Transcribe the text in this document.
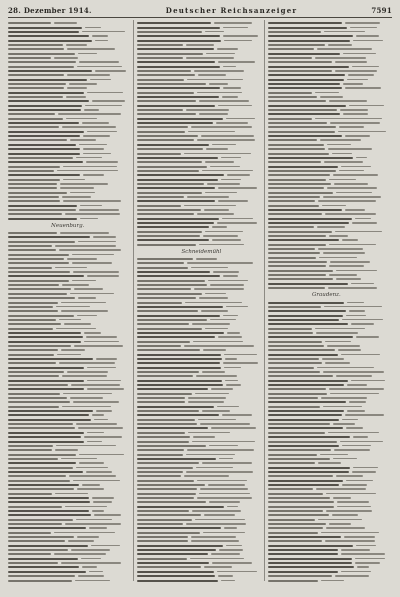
28. Dezember 1914.	Deutscher Reichsanzeiger	7591
Neuenburg.
Schneidemühl
Graudenz.
